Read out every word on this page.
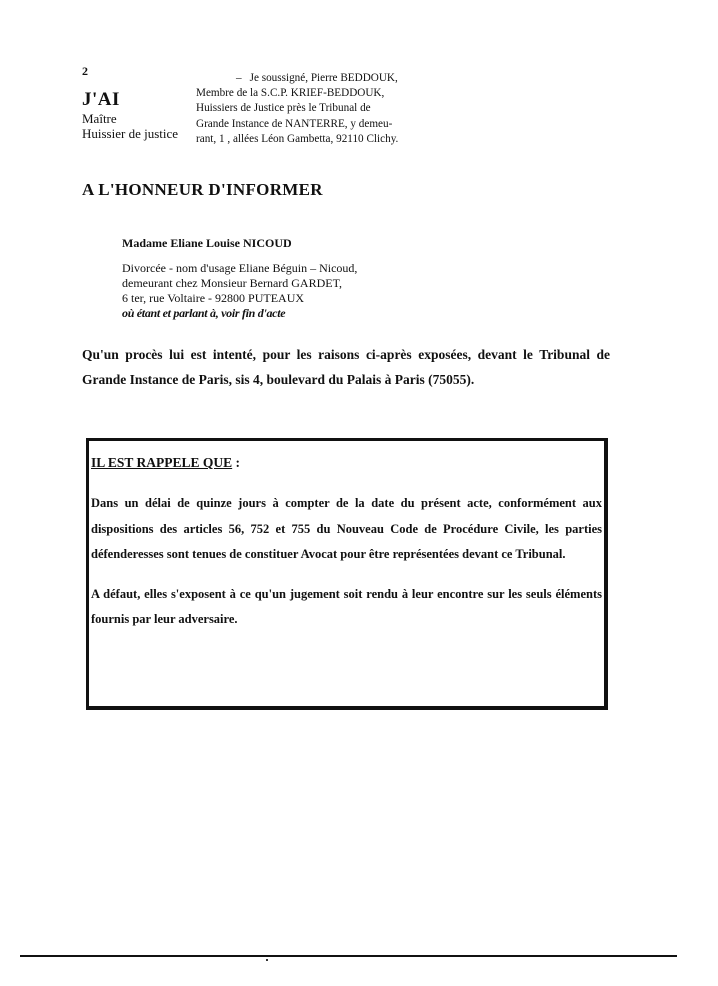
2
J'AI
Maître
Huissier de justice
– Je soussigné, Pierre BEDDOUK,
Membre de la S.C.P. KRIEF-BEDDOUK,
Huissiers de Justice près le Tribunal de
Grande Instance de NANTERRE, y demeu-
rant, 1 , allées Léon Gambetta, 92110 Clichy.
A L'HONNEUR D'INFORMER
Madame Eliane Louise NICOUD
Divorcée - nom d'usage Eliane Béguin – Nicoud,
demeurant chez Monsieur Bernard GARDET,
6 ter, rue Voltaire - 92800 PUTEAUX
où étant et parlant à, voir fin d'acte
Qu'un procès lui est intenté, pour les raisons ci-après exposées, devant le Tribunal de Grande Instance de Paris, sis 4, boulevard du Palais à Paris (75055).
IL EST RAPPELE QUE :

Dans un délai de quinze jours à compter de la date du présent acte, conformément aux dispositions des articles 56, 752 et 755 du Nouveau Code de Procédure Civile, les parties défenderesses sont tenues de constituer Avocat pour être représentées devant ce Tribunal.

A défaut, elles s'exposent à ce qu'un jugement soit rendu à leur encontre sur les seuls éléments fournis par leur adversaire.
